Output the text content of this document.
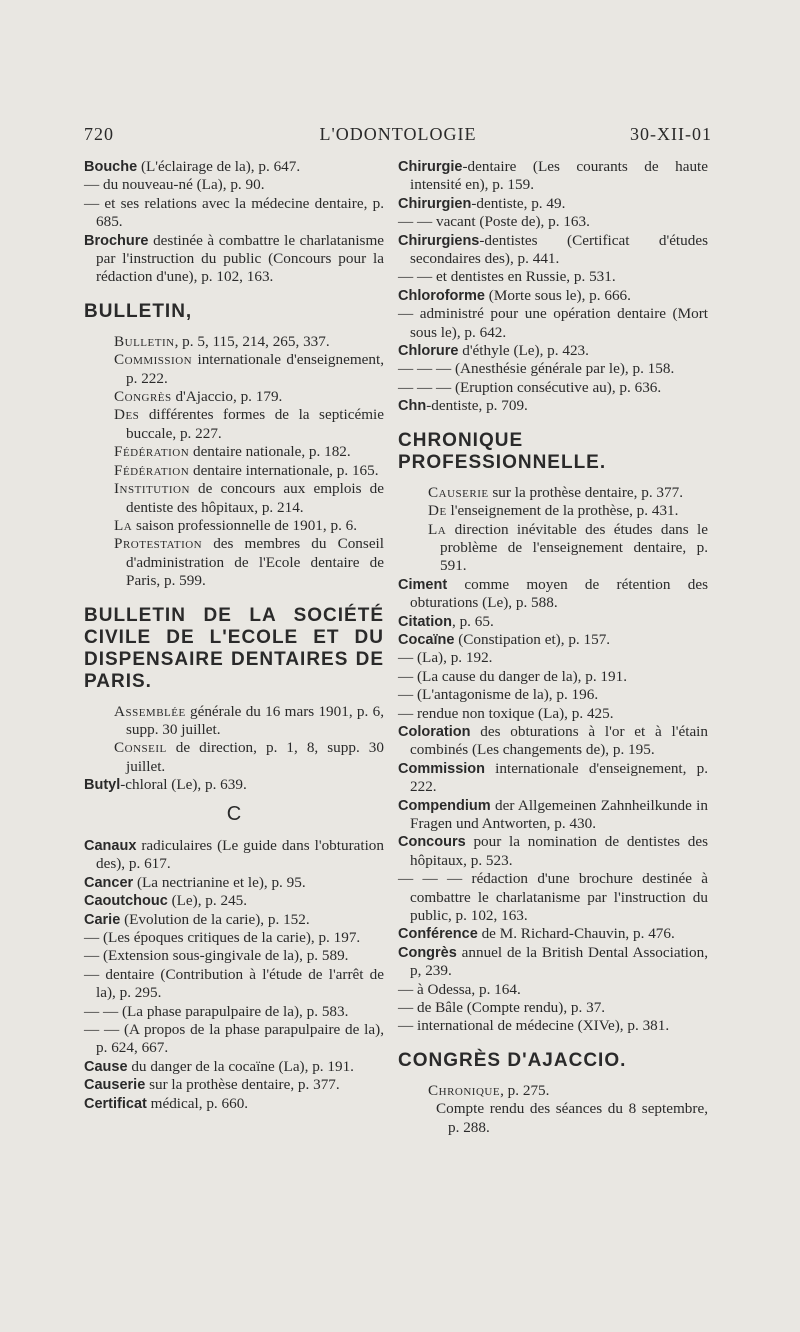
720	L'ODONTOLOGIE	30-XII-01

Bouche (L'éclairage de la), p. 647.

— du nouveau-né (La), p. 90.

— et ses relations avec la médecine dentaire, p. 685.

Brochure destinée à combattre le charlatanisme par l'instruction du public (Concours pour la rédaction d'une), p. 102, 163.

BULLETIN,

Bulletin, p. 5, 115, 214, 265, 337.

Commission internationale d'enseignement, p. 222.

Congrès d'Ajaccio, p. 179.

Des différentes formes de la septicémie buccale, p. 227.

Fédération dentaire nationale, p. 182.

Fédération dentaire internationale, p. 165.

Institution de concours aux emplois de dentiste des hôpitaux, p. 214.

La saison professionnelle de 1901, p. 6.

Protestation des membres du Conseil d'administration de l'Ecole dentaire de Paris, p. 599.

BULLETIN DE LA SOCIÉTÉ CIVILE DE L'ECOLE ET DU DISPENSAIRE DENTAIRES DE PARIS.

Assemblée générale du 16 mars 1901, p. 6, supp. 30 juillet.

Conseil de direction, p. 1, 8, supp. 30 juillet.

Butyl-chloral (Le), p. 639.

C

Canaux radiculaires (Le guide dans l'obturation des), p. 617.

Cancer (La nectrianine et le), p. 95.

Caoutchouc (Le), p. 245.

Carie (Evolution de la carie), p. 152.

— (Les époques critiques de la carie), p. 197.

— (Extension sous-gingivale de la), p. 589.

— dentaire (Contribution à l'étude de l'arrêt de la), p. 295.

— — (La phase parapulpaire de la), p. 583.

— — (A propos de la phase parapulpaire de la), p. 624, 667.

Cause du danger de la cocaïne (La), p. 191.

Causerie sur la prothèse dentaire, p. 377.

Certificat médical, p. 660.

Chirurgie-dentaire (Les courants de haute intensité en), p. 159.

Chirurgien-dentiste, p. 49.

— — vacant (Poste de), p. 163.

Chirurgiens-dentistes (Certificat d'études secondaires des), p. 441.

— — et dentistes en Russie, p. 531.

Chloroforme (Morte sous le), p. 666.

— administré pour une opération dentaire (Mort sous le), p. 642.

Chlorure d'éthyle (Le), p. 423.

— — — (Anesthésie générale par le), p. 158.

— — — (Eruption consécutive au), p. 636.

Chn-dentiste, p. 709.

CHRONIQUE PROFESSIONNELLE.

Causerie sur la prothèse dentaire, p. 377.

De l'enseignement de la prothèse, p. 431.

La direction inévitable des études dans le problème de l'enseignement dentaire, p. 591.

Ciment comme moyen de rétention des obturations (Le), p. 588.

Citation, p. 65.

Cocaïne (Constipation et), p. 157.

— (La), p. 192.

— (La cause du danger de la), p. 191.

— (L'antagonisme de la), p. 196.

— rendue non toxique (La), p. 425.

Coloration des obturations à l'or et à l'étain combinés (Les changements de), p. 195.

Commission internationale d'enseignement, p. 222.

Compendium der Allgemeinen Zahnheilkunde in Fragen und Antworten, p. 430.

Concours pour la nomination de dentistes des hôpitaux, p. 523.

— — — rédaction d'une brochure destinée à combattre le charlatanisme par l'instruction du public, p. 102, 163.

Conférence de M. Richard-Chauvin, p. 476.

Congrès annuel de la British Dental Association, p, 239.

— à Odessa, p. 164.

— de Bâle (Compte rendu), p. 37.

— international de médecine (XIVe), p. 381.

CONGRÈS D'AJACCIO.

Chronique, p. 275.

Compte rendu des séances du 8 septembre, p. 288.
